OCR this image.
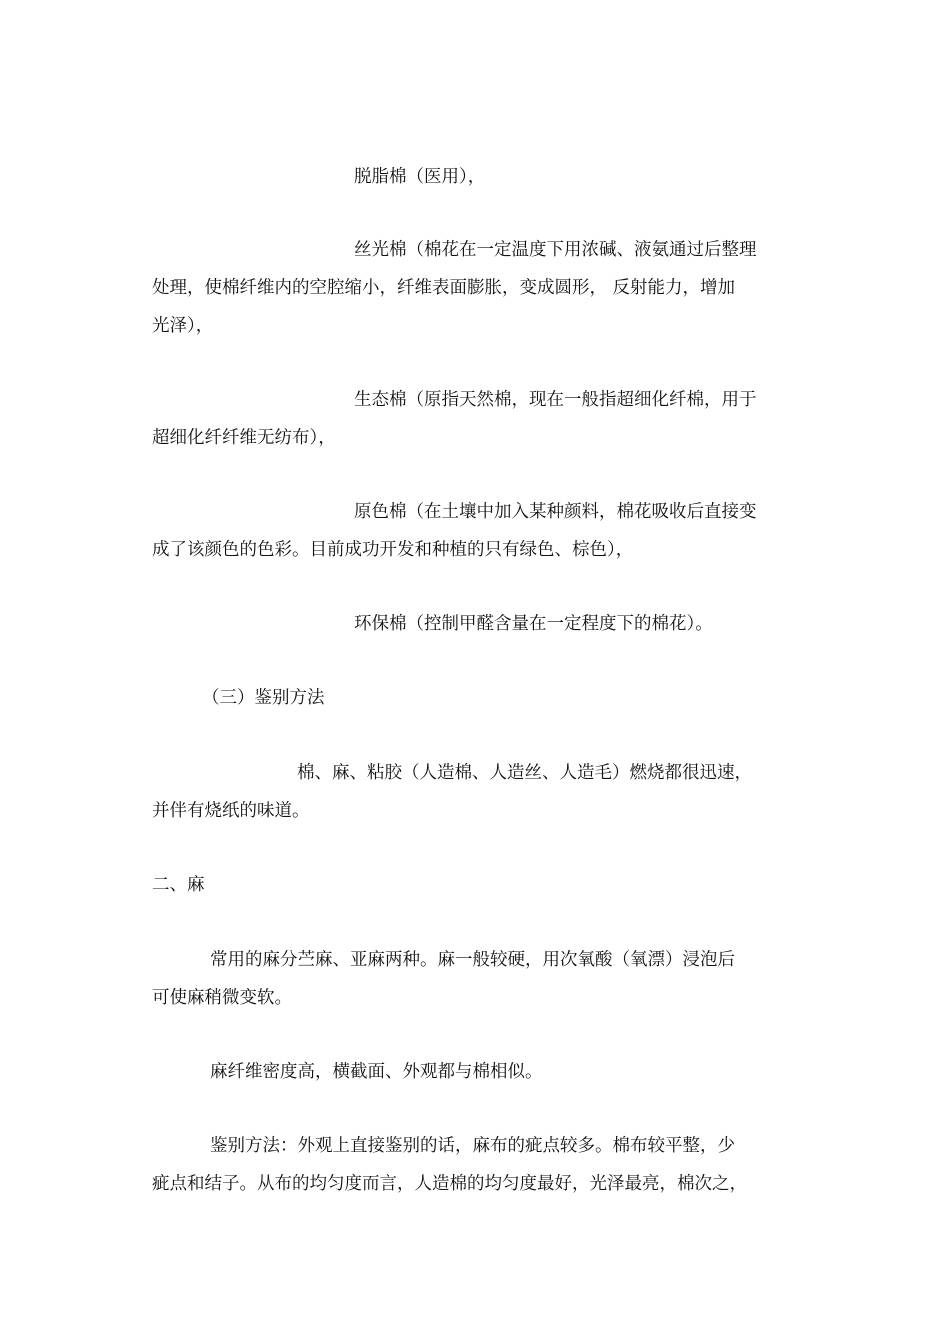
脱脂棉（医用），
丝光棉（棉花在一定温度下用浓碱、液氨通过后整理
处理，使棉纤维内的空腔缩小，纤维表面膨胀，变成圆形， 反射能力，增加
光泽），
生态棉（原指天然棉，现在一般指超细化纤棉，用于
超细化纤纤维无纺布），
原色棉（在土壤中加入某种颜料，棉花吸收后直接变
成了该颜色的色彩。目前成功开发和种植的只有绿色、棕色），
环保棉（控制甲醛含量在一定程度下的棉花）。
（三）鉴别方法
棉、麻、粘胶（人造棉、人造丝、人造毛）燃烧都很迅速，
并伴有烧纸的味道。
二、麻
常用的麻分苎麻、亚麻两种。麻一般较硬，用次氧酸（氧漂）浸泡后
可使麻稍微变软。
麻纤维密度高，横截面、外观都与棉相似。
鉴别方法：外观上直接鉴别的话，麻布的疵点较多。棉布较平整，少
疵点和结子。从布的均匀度而言，人造棉的均匀度最好，光泽最亮，棉次之，
